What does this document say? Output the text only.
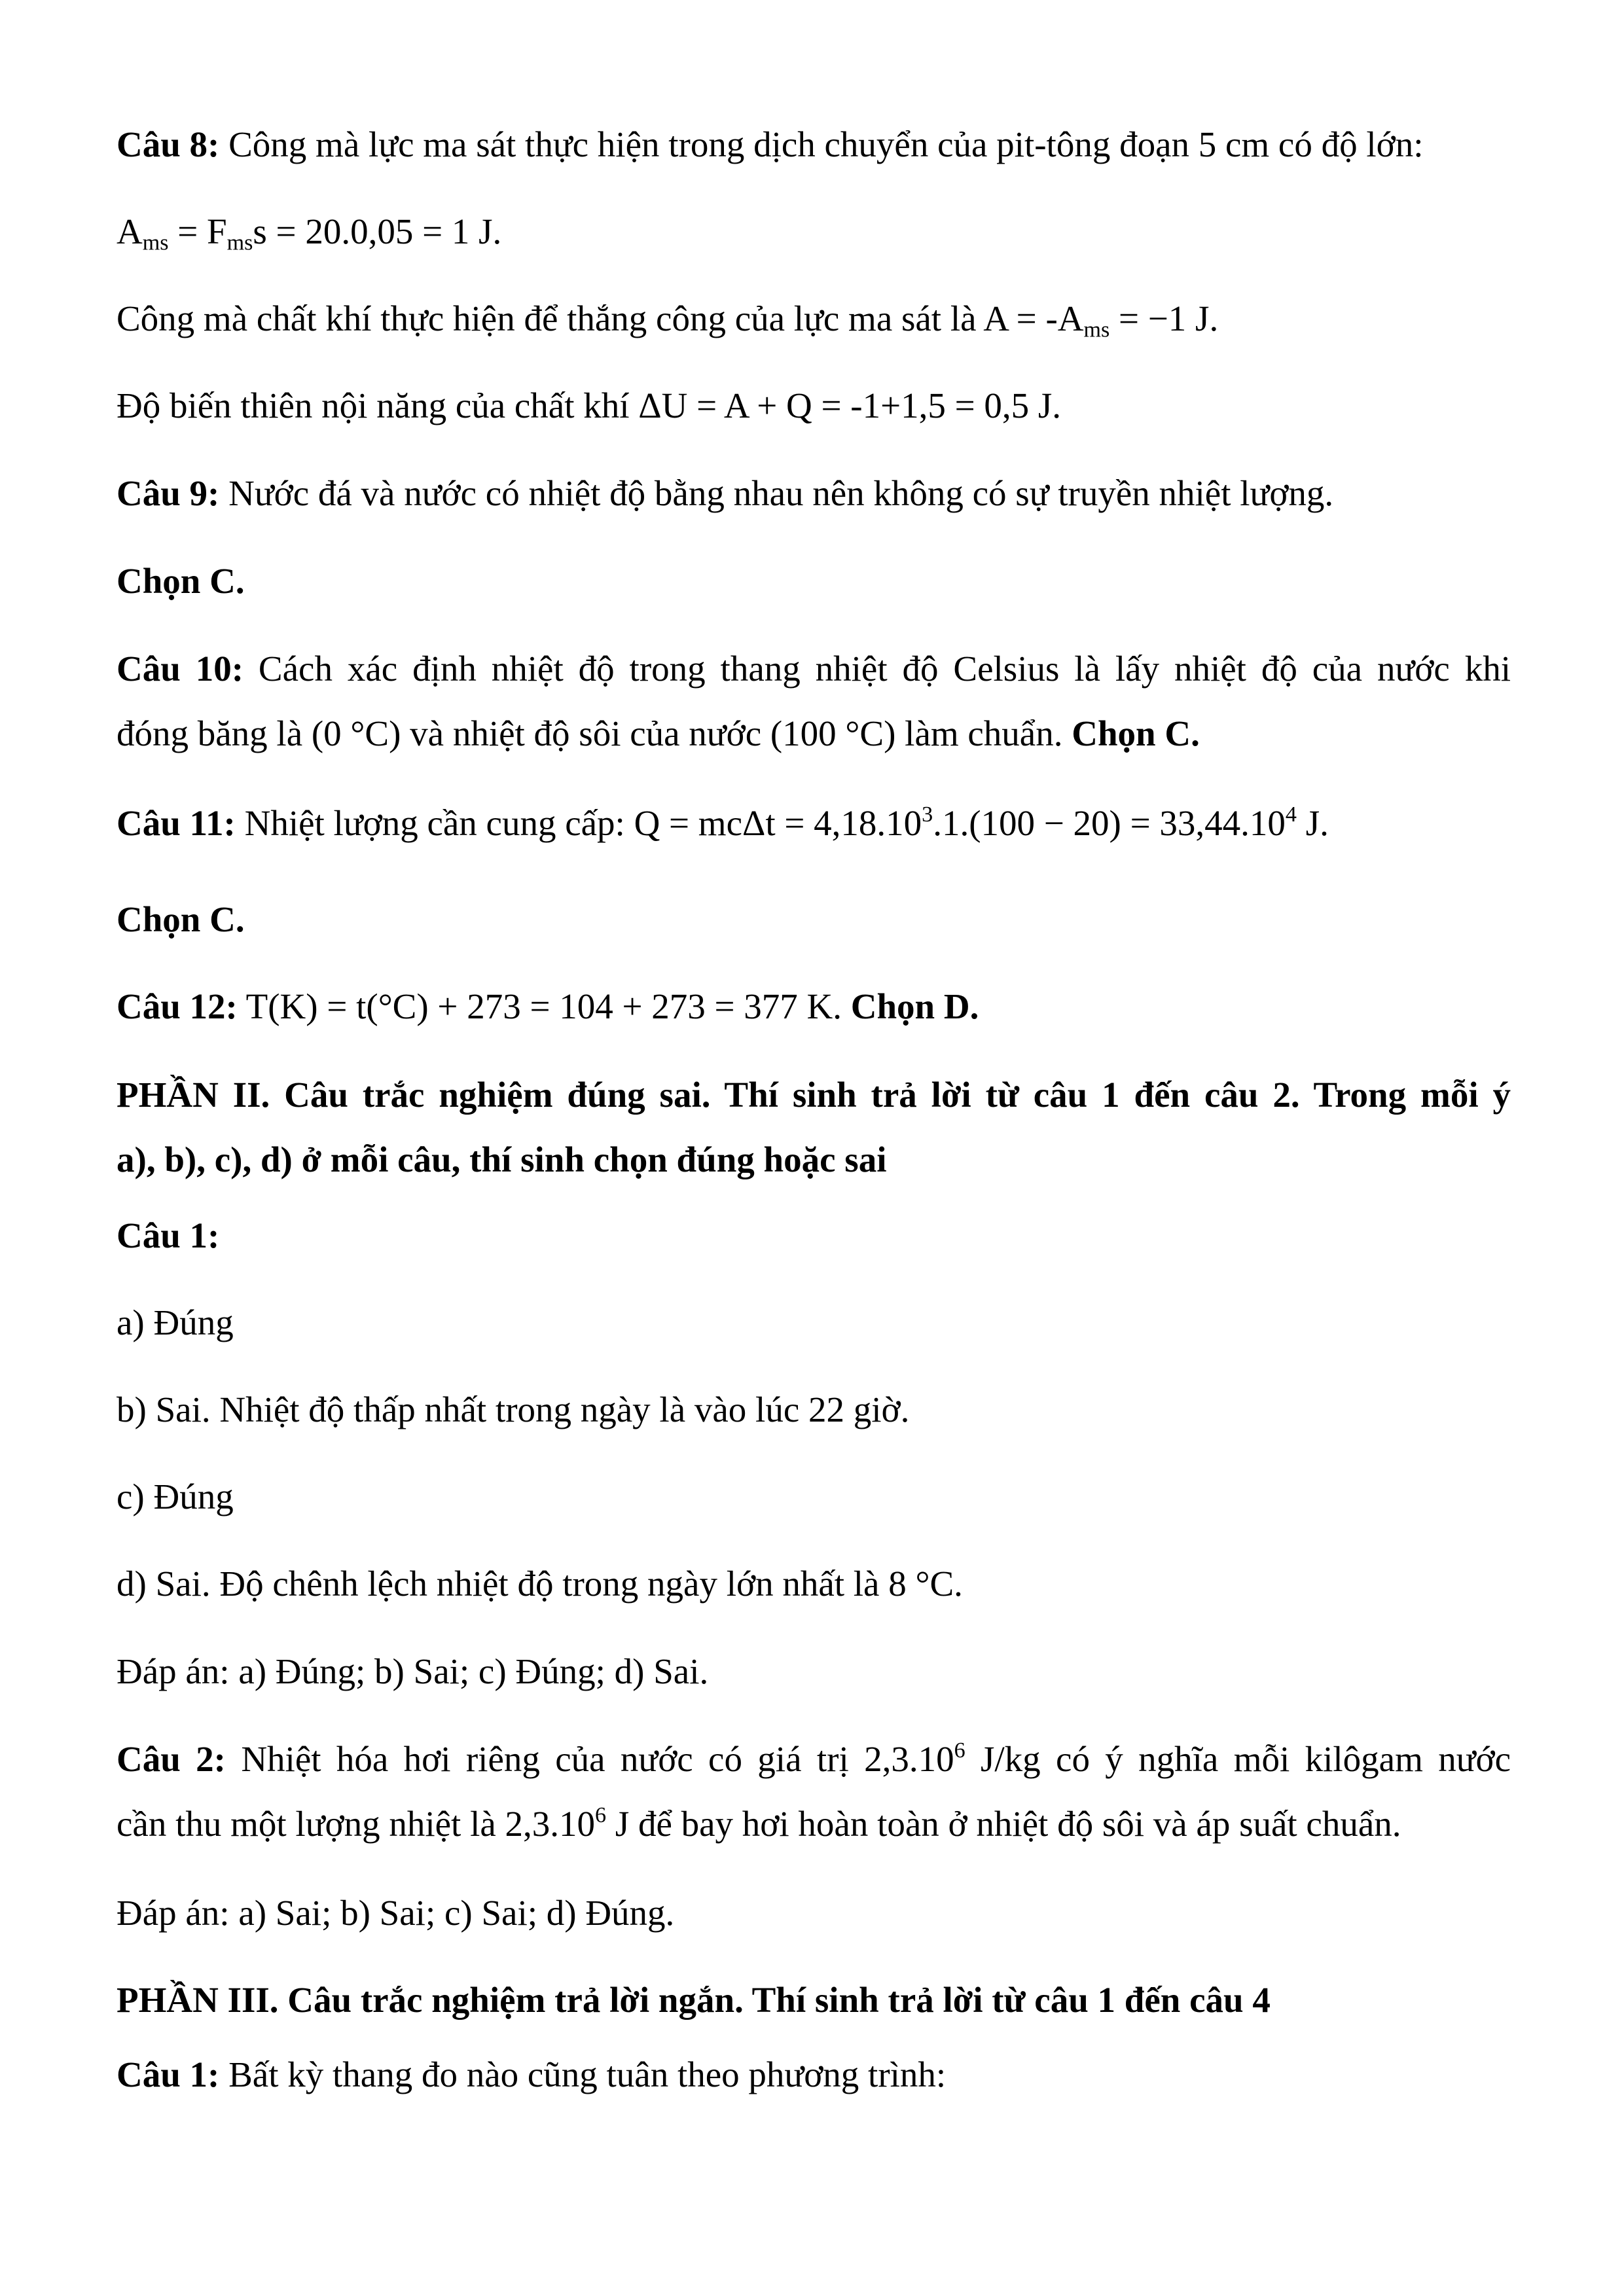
Câu 8: Công mà lực ma sát thực hiện trong dịch chuyển của pit-tông đoạn 5 cm có độ lớn:
$A_{ms} = F_{ms}s = 20.0,05 = 1$ J.
Công mà chất khí thực hiện để thắng công của lực ma sát là $A = -A_{ms} = -1$ J.
Độ biến thiên nội năng của chất khí ΔU = A + Q = -1+1,5 = 0,5 J.
Câu 9: Nước đá và nước có nhiệt độ bằng nhau nên không có sự truyền nhiệt lượng.
Chọn C.
Câu 10: Cách xác định nhiệt độ trong thang nhiệt độ Celsius là lấy nhiệt độ của nước khi
đóng băng là (0 °C) và nhiệt độ sôi của nước (100 °C) làm chuẩn. Chọn C.
Câu 11: Nhiệt lượng cần cung cấp: $Q = mc\Delta t = 4,18.10^3.1.(100 - 20) = 33,44.10^4$ J.
Chọn C.
Câu 12: T(K) = t(°C) + 273 = 104 + 273 = 377 K. Chọn D.
PHẦN II. Câu trắc nghiệm đúng sai. Thí sinh trả lời từ câu 1 đến câu 2. Trong mỗi ý
a), b), c), d) ở mỗi câu, thí sinh chọn đúng hoặc sai
Câu 1:
a) Đúng
b) Sai. Nhiệt độ thấp nhất trong ngày là vào lúc 22 giờ.
c) Đúng
d) Sai. Độ chênh lệch nhiệt độ trong ngày lớn nhất là 8 °C.
Đáp án: a) Đúng; b) Sai; c) Đúng; d) Sai.
Câu 2: Nhiệt hóa hơi riêng của nước có giá trị 2,3.10$^6$ J/kg có ý nghĩa mỗi kilôgam nước
cần thu một lượng nhiệt là 2,3.10$^6$ J để bay hơi hoàn toàn ở nhiệt độ sôi và áp suất chuẩn.
Đáp án: a) Sai; b) Sai; c) Sai; d) Đúng.
PHẦN III. Câu trắc nghiệm trả lời ngắn. Thí sinh trả lời từ câu 1 đến câu 4
Câu 1: Bất kỳ thang đo nào cũng tuân theo phương trình:
